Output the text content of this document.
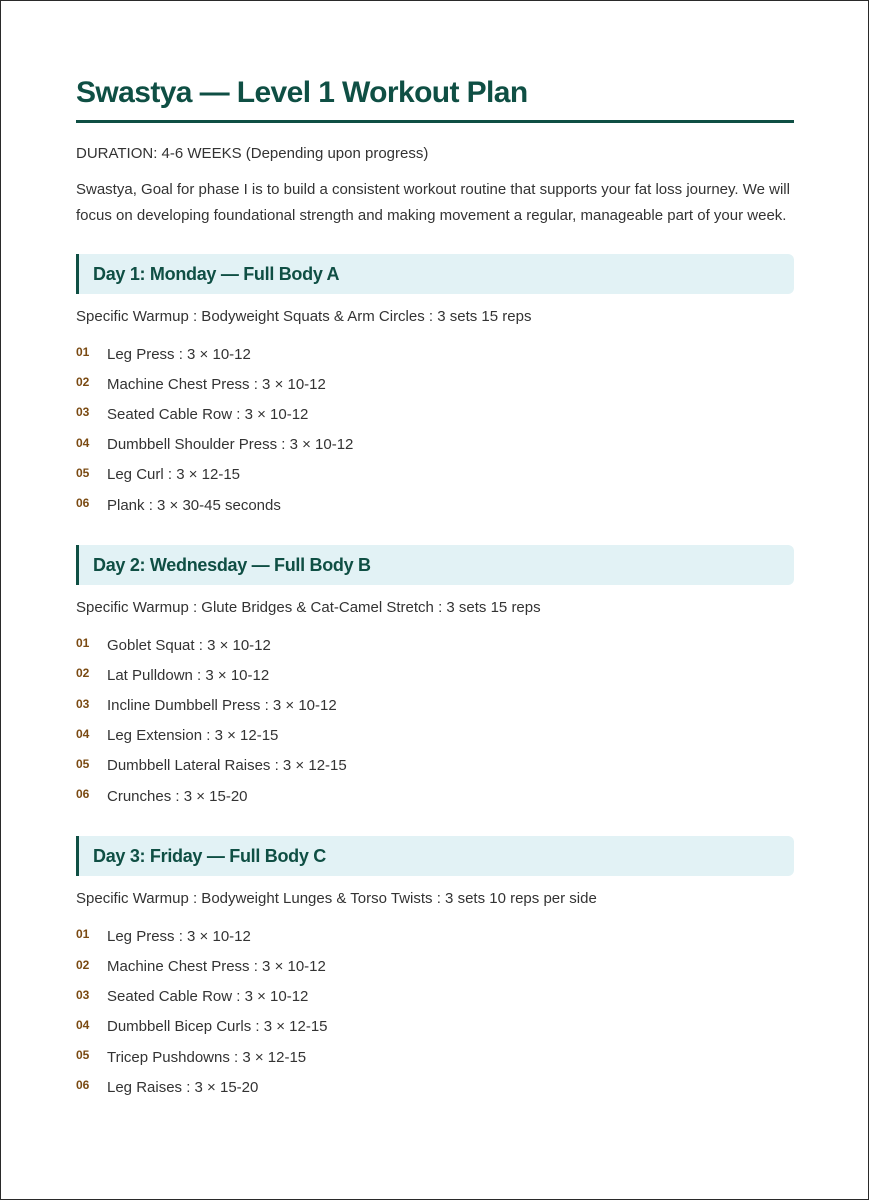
Swastya — Level 1 Workout Plan
DURATION: 4-6 WEEKS (Depending upon progress)
Swastya, Goal for phase I is to build a consistent workout routine that supports your fat loss journey. We will focus on developing foundational strength and making movement a regular, manageable part of your week.
Day 1: Monday — Full Body A
Specific Warmup : Bodyweight Squats & Arm Circles : 3 sets 15 reps
01	Leg Press : 3 × 10-12
02	Machine Chest Press : 3 × 10-12
03	Seated Cable Row : 3 × 10-12
04	Dumbbell Shoulder Press : 3 × 10-12
05	Leg Curl : 3 × 12-15
06	Plank : 3 × 30-45 seconds
Day 2: Wednesday — Full Body B
Specific Warmup : Glute Bridges & Cat-Camel Stretch : 3 sets 15 reps
01	Goblet Squat : 3 × 10-12
02	Lat Pulldown : 3 × 10-12
03	Incline Dumbbell Press : 3 × 10-12
04	Leg Extension : 3 × 12-15
05	Dumbbell Lateral Raises : 3 × 12-15
06	Crunches : 3 × 15-20
Day 3: Friday — Full Body C
Specific Warmup : Bodyweight Lunges & Torso Twists : 3 sets 10 reps per side
01	Leg Press : 3 × 10-12
02	Machine Chest Press : 3 × 10-12
03	Seated Cable Row : 3 × 10-12
04	Dumbbell Bicep Curls : 3 × 12-15
05	Tricep Pushdowns : 3 × 12-15
06	Leg Raises : 3 × 15-20
